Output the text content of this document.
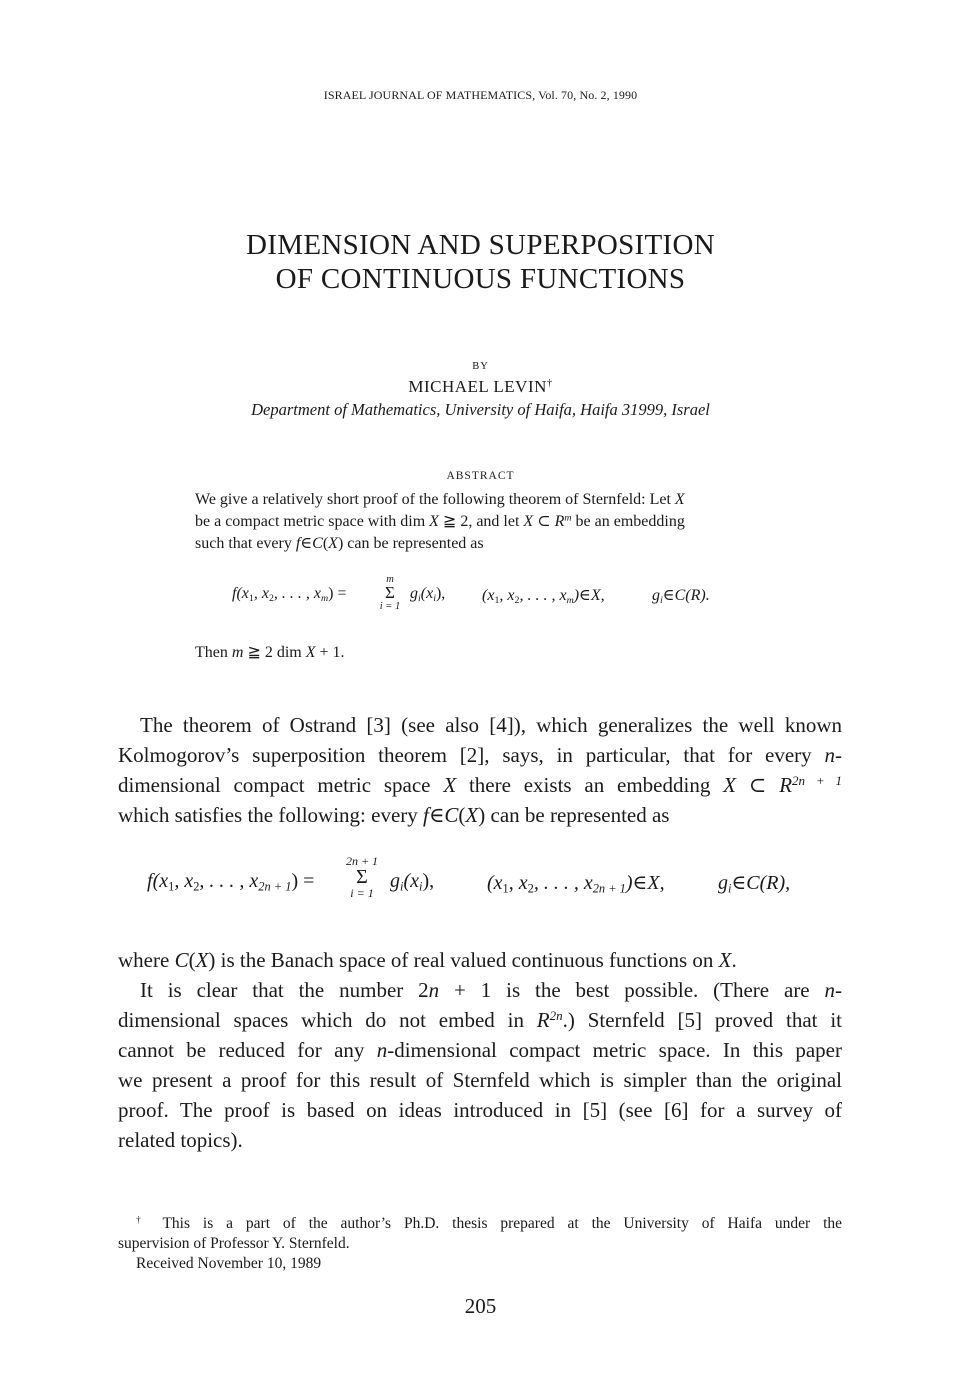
ISRAEL JOURNAL OF MATHEMATICS, Vol. 70, No. 2, 1990
DIMENSION AND SUPERPOSITION
OF CONTINUOUS FUNCTIONS
BY
MICHAEL LEVIN†
Department of Mathematics, University of Haifa, Haifa 31999, Israel
ABSTRACT
We give a relatively short proof of the following theorem of Sternfeld: Let X
be a compact metric space with dim X ≧ 2, and let X ⊂ $R^m$ be an embedding
such that every f∈C(X) can be represented as
$f(x_1$, $x_2$, . . . , $x_m$) =
m
Σ
i = 1
$g_i(x_i)$, ($x_1$, $x_2$, . . . , $x_m)\in X$,	$g_i\in C(R)$.
Then m ≧ 2 dim X + 1.
The theorem of Ostrand [3] (see also [4]), which generalizes the well known
Kolmogorov’s superposition theorem [2], says, in particular, that for every n-
dimensional compact metric space X there exists an embedding X ⊂ $R^{2n + 1}$
which satisfies the following: every f∈C(X) can be represented as
$f(x_1$, $x_2$, . . . , $x_{2n + 1}$) =
2n + 1
Σ
i = 1
$g_i(x_i)$,	($x_1$, $x_2$, . . . , $x_{2n + 1})\in X$,	$g_i\in C(R)$,
where C(X) is the Banach space of real valued continuous functions on X.
It is clear that the number 2n + 1 is the best possible. (There are n-
dimensional spaces which do not embed in $R^{2n}$.) Sternfeld [5] proved that it
cannot be reduced for any n-dimensional compact metric space. In this paper
we present a proof for this result of Sternfeld which is simpler than the original
proof. The proof is based on ideas introduced in [5] (see [6] for a survey of
related topics).
† This is a part of the author’s Ph.D. thesis prepared at the University of Haifa under the
supervision of Professor Y. Sternfeld.
Received November 10, 1989
205
